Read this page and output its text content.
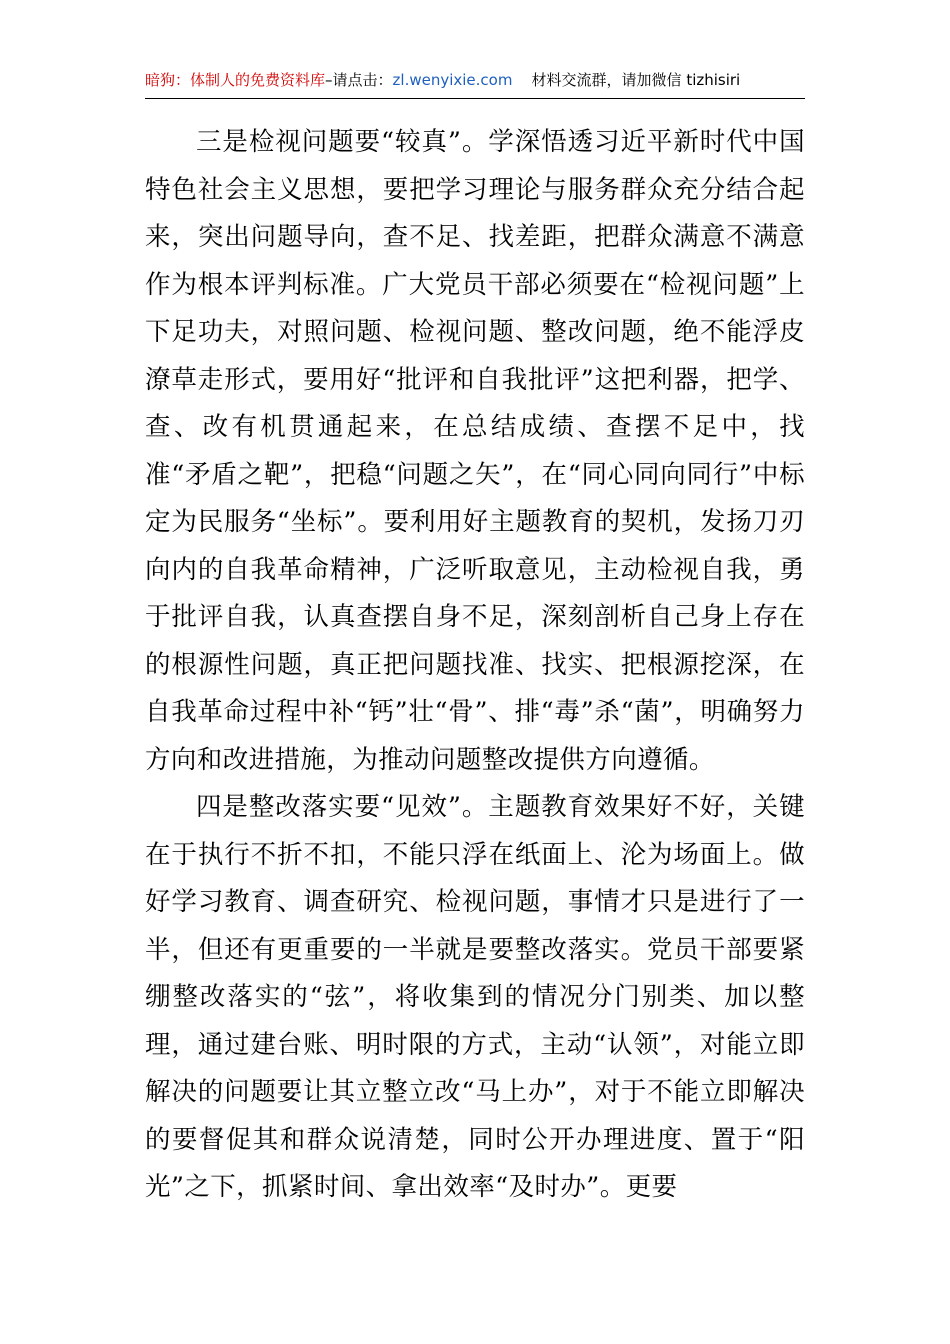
暗狗：体制人的免费资料库–请点击：zl.wenyixie.com 材料交流群，请加微信 tizhisiri

三是检视问题要“较真”。学深悟透习近平新时代中国特色社会主义思想，要把学习理论与服务群众充分结合起来，突出问题导向，查不足、找差距，把群众满意不满意作为根本评判标准。广大党员干部必须要在“检视问题”上下足功夫，对照问题、检视问题、整改问题，绝不能浮皮潦草走形式，要用好“批评和自我批评”这把利器，把学、查、改有机贯通起来，在总结成绩、查摆不足中，找准“矛盾之靶”，把稳“问题之矢”，在“同心同向同行”中标定为民服务“坐标”。要利用好主题教育的契机，发扬刀刃向内的自我革命精神，广泛听取意见，主动检视自我，勇于批评自我，认真查摆自身不足，深刻剖析自己身上存在的根源性问题，真正把问题找准、找实、把根源挖深，在自我革命过程中补“钙”壮“骨”、排“毒”杀“菌”，明确努力方向和改进措施，为推动问题整改提供方向遵循。

四是整改落实要“见效”。主题教育效果好不好，关键在于执行不折不扣，不能只浮在纸面上、沦为场面上。做好学习教育、调查研究、检视问题，事情才只是进行了一半，但还有更重要的一半就是要整改落实。党员干部要紧绷整改落实的“弦”，将收集到的情况分门别类、加以整理，通过建台账、明时限的方式，主动“认领”，对能立即解决的问题要让其立整立改“马上办”，对于不能立即解决的要督促其和群众说清楚，同时公开办理进度、置于“阳光”之下，抓紧时间、拿出效率“及时办”。更要
